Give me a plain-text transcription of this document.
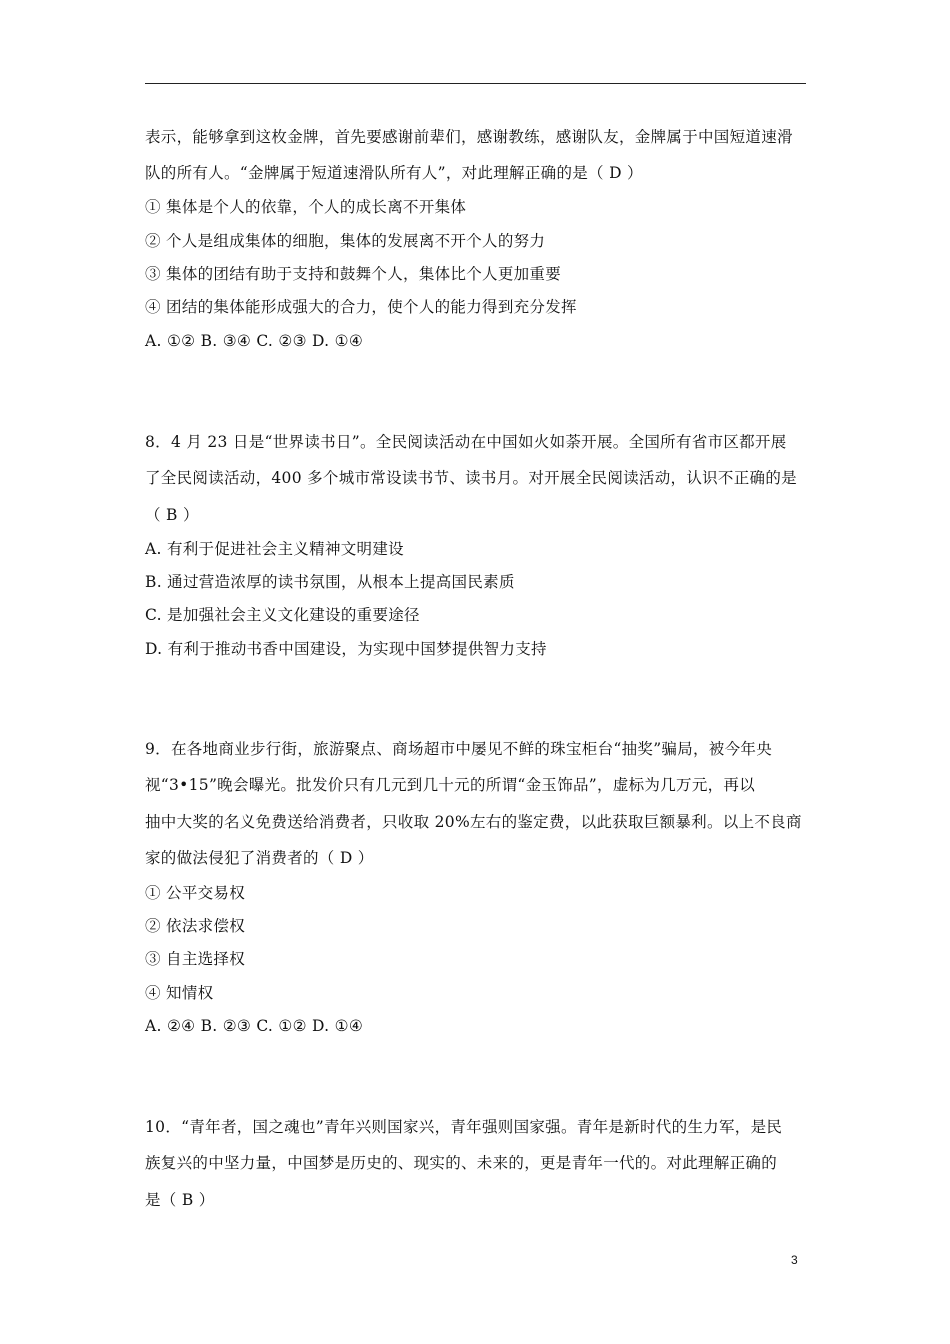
表示，能够拿到这枚金牌，首先要感谢前辈们，感谢教练，感谢队友，金牌属于中国短道速滑
队的所有人。“金牌属于短道速滑队所有人”，对此理解正确的是（ D ）
① 集体是个人的依靠，个人的成长离不开集体
② 个人是组成集体的细胞，集体的发展离不开个人的努力
③ 集体的团结有助于支持和鼓舞个人，集体比个人更加重要
④ 团结的集体能形成强大的合力，使个人的能力得到充分发挥
A. ①② B. ③④ C. ②③ D. ①④
8．4 月 23 日是“世界读书日”。全民阅读活动在中国如火如荼开展。全国所有省市区都开展
了全民阅读活动，400 多个城市常设读书节、读书月。对开展全民阅读活动，认识不正确的是
（ B ）
A. 有利于促进社会主义精神文明建设
B. 通过营造浓厚的读书氛围，从根本上提高国民素质
C. 是加强社会主义文化建设的重要途径
D. 有利于推动书香中国建设，为实现中国梦提供智力支持
9．在各地商业步行街，旅游聚点、商场超市中屡见不鲜的珠宝柜台“抽奖”骗局，被今年央
视“3•15”晚会曝光。批发价只有几元到几十元的所谓“金玉饰品”，虚标为几万元，再以
抽中大奖的名义免费送给消费者，只收取 20%左右的鉴定费，以此获取巨额暴利。以上不良商
家的做法侵犯了消费者的（ D ）
① 公平交易权
② 依法求偿权
③ 自主选择权
④ 知情权
A. ②④ B. ②③ C. ①② D. ①④
10．“青年者，国之魂也”青年兴则国家兴，青年强则国家强。青年是新时代的生力军，是民
族复兴的中坚力量，中国梦是历史的、现实的、未来的，更是青年一代的。对此理解正确的
是（ B ）
3
